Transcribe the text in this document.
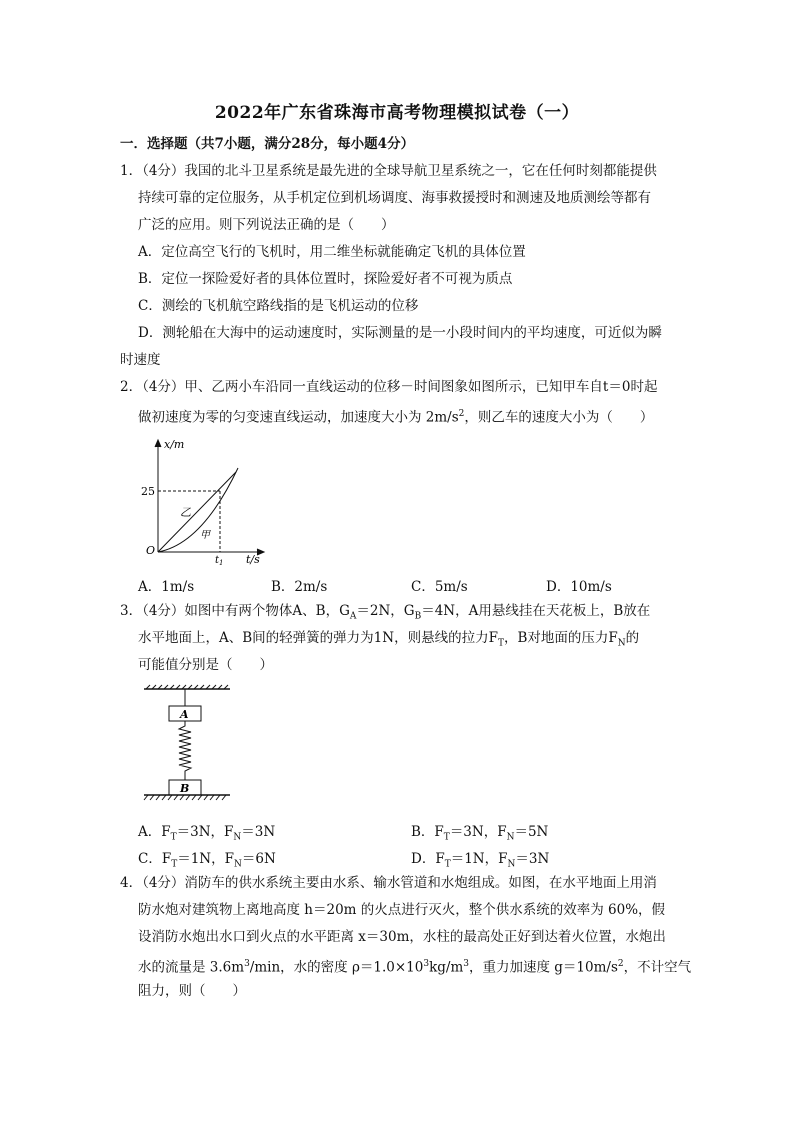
2022年广东省珠海市高考物理模拟试卷（一）
一．选择题（共7小题，满分28分，每小题4分）
1．（4分）我国的北斗卫星系统是最先进的全球导航卫星系统之一，它在任何时刻都能提供
持续可靠的定位服务，从手机定位到机场调度、海事救援授时和测速及地质测绘等都有
广泛的应用。则下列说法正确的是（　　）
A．定位高空飞行的飞机时，用二维坐标就能确定飞机的具体位置
B．定位一探险爱好者的具体位置时，探险爱好者不可视为质点
C．测绘的飞机航空路线指的是飞机运动的位移
D．测轮船在大海中的运动速度时，实际测量的是一小段时间内的平均速度，可近似为瞬
时速度
2．（4分）甲、乙两小车沿同一直线运动的位移－时间图象如图所示，已知甲车自t＝0时起
做初速度为零的匀变速直线运动，加速度大小为 $2m/s^2$，则乙车的速度大小为（　　）
x/m
25
O
$t_1$ t/s
乙
甲
A．1m/s	B．2m/s	C．5m/s	D．10m/s
3．（4分）如图中有两个物体A、B，$G_A=2N$，$G_B=4N$，A用悬线挂在天花板上，B放在
水平地面上，A、B间的轻弹簧的弹力为1N，则悬线的拉力$F_T$，B对地面的压力$F_N$的
可能值分别是（　　）
A
B
A．$F_T=3N$，$F_N=3N$	B．$F_T=3N$，$F_N=5N$
C．$F_T=1N$，$F_N=6N$	D．$F_T=1N$，$F_N=3N$
4．（4分）消防车的供水系统主要由水系、输水管道和水炮组成。如图，在水平地面上用消
防水炮对建筑物上离地高度 h＝20m 的火点进行灭火，整个供水系统的效率为 60%，假
设消防水炮出水口到火点的水平距离 x＝30m，水柱的最高处正好到达着火位置，水炮出
水的流量是 $3.6m^3/\min$，水的密度 $\rho=1.0\times 10^3kg/m^3$，重力加速度 $g=10m/s^2$，不计空气
阻力，则（　　）
